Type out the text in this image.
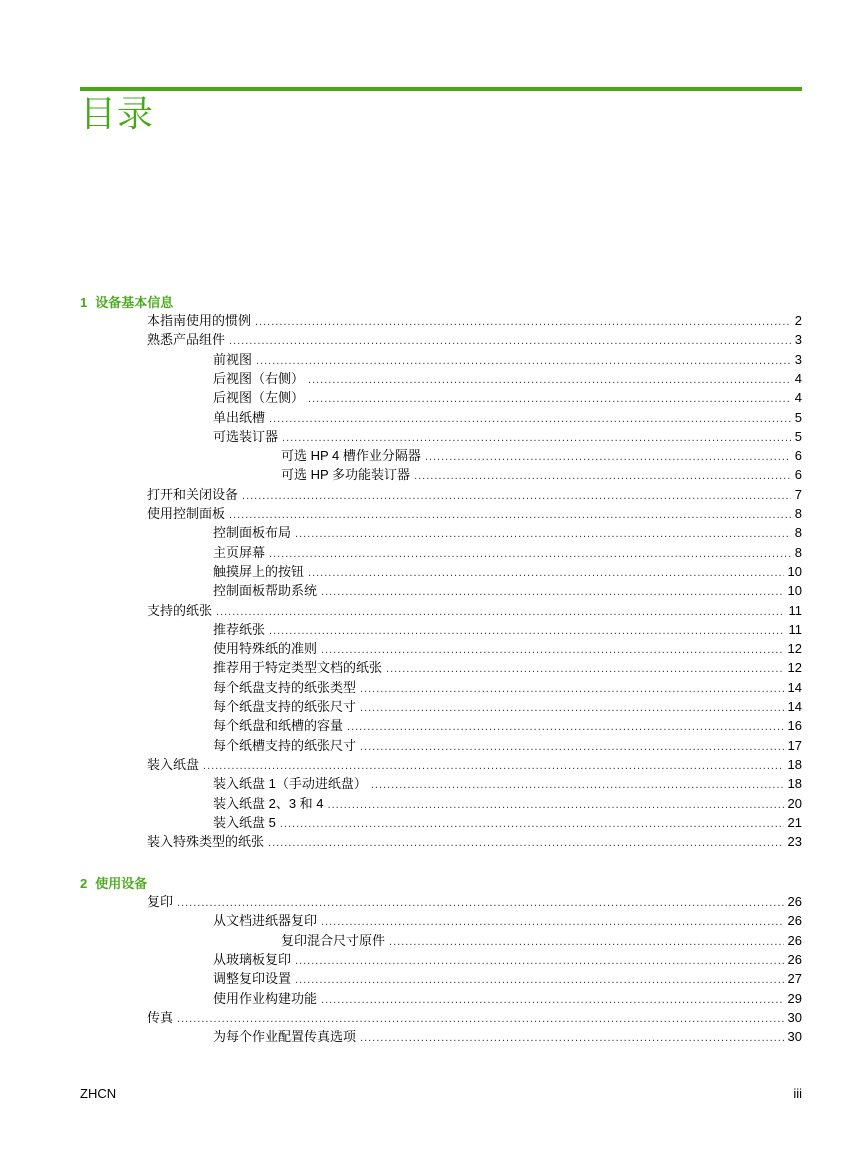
目录
1 设备基本信息
本指南使用的惯例 .....	2
熟悉产品组件 .....	3
前视图 .....	3
后视图（右侧） .....	4
后视图（左侧） .....	4
单出纸槽 .....	5
可选装订器 .....	5
可选 HP 4 槽作业分隔器 .....	6
可选 HP 多功能装订器 .....	6
打开和关闭设备 .....	7
使用控制面板 .....	8
控制面板布局 .....	8
主页屏幕 .....	8
触摸屏上的按钮 .....	10
控制面板帮助系统 .....	10
支持的纸张 .....	11
推荐纸张 .....	11
使用特殊纸的准则 .....	12
推荐用于特定类型文档的纸张 .....	12
每个纸盘支持的纸张类型 .....	14
每个纸盘支持的纸张尺寸 .....	14
每个纸盘和纸槽的容量 .....	16
每个纸槽支持的纸张尺寸 .....	17
装入纸盘 .....	18
装入纸盘 1（手动进纸盘） .....	18
装入纸盘 2、3 和 4 .....	20
装入纸盘 5 .....	21
装入特殊类型的纸张 .....	23
2 使用设备
复印 .....	26
从文档进纸器复印 .....	26
复印混合尺寸原件 .....	26
从玻璃板复印 .....	26
调整复印设置 .....	27
使用作业构建功能 .....	29
传真 .....	30
为每个作业配置传真选项 .....	30
ZHCN	iii
